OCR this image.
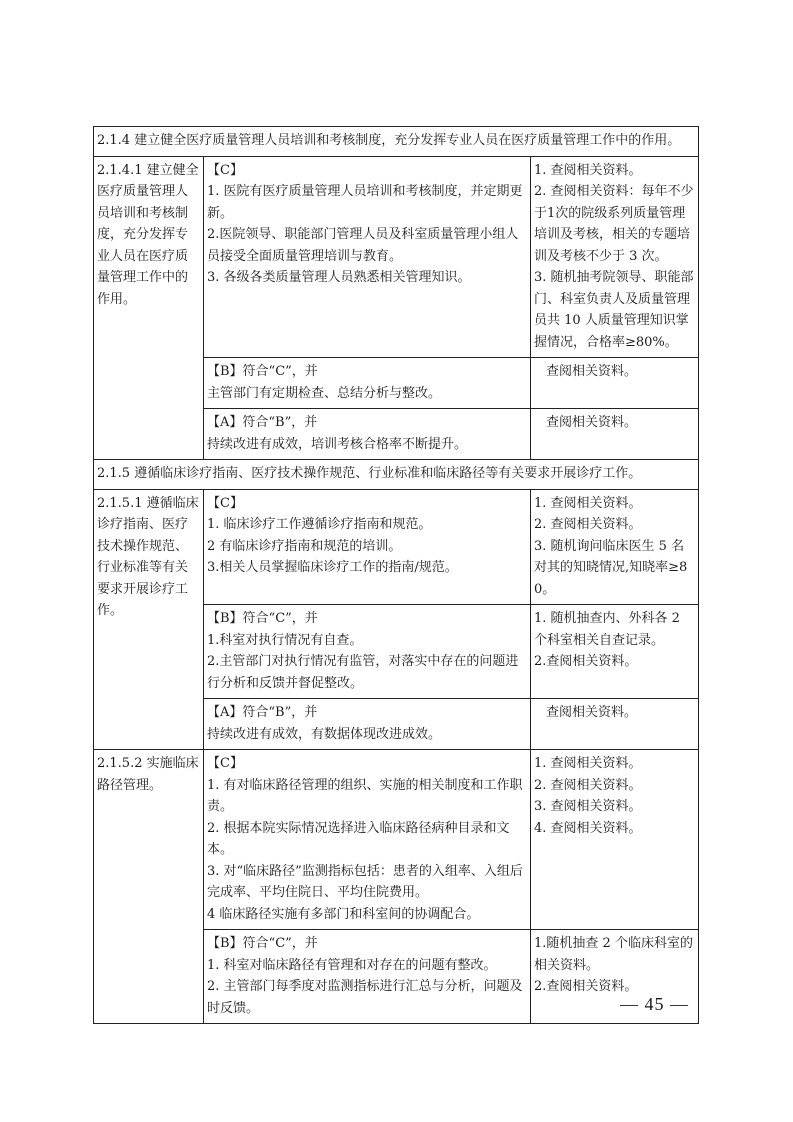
2.1.4 建立健全医疗质量管理人员培训和考核制度，充分发挥专业人员在医疗质量管理工作中的作用。		
2.1.4.1 建立健全医疗质量管理人员培训和考核制度，充分发挥专业人员在医疗质量管理工作中的作用。	【C】
1. 医院有医疗质量管理人员培训和考核制度，并定期更新。
2.医院领导、职能部门管理人员及科室质量管理小组人员接受全面质量管理培训与教育。
3. 各级各类质量管理人员熟悉相关管理知识。	1. 查阅相关资料。
2. 查阅相关资料：每年不少于1次的院级系列质量管理培训及考核，相关的专题培训及考核不少于 3 次。
3. 随机抽考院领导、职能部门、科室负责人及质量管理员共 10 人质量管理知识掌握情况，合格率≥80%。

	【B】符合“C”，并
主管部门有定期检查、总结分析与整改。	查阅相关资料。

	【A】符合“B”，并
持续改进有成效，培训考核合格率不断提升。	查阅相关资料。

2.1.5 遵循临床诊疗指南、医疗技术操作规范、行业标准和临床路径等有关要求开展诊疗工作。		
2.1.5.1 遵循临床诊疗指南、医疗技术操作规范、行业标准等有关要求开展诊疗工作。	【C】
1. 临床诊疗工作遵循诊疗指南和规范。
2 有临床诊疗指南和规范的培训。
3.相关人员掌握临床诊疗工作的指南/规范。	1. 查阅相关资料。
2. 查阅相关资料。
3. 随机询问临床医生 5 名对其的知晓情况,知晓率≥80。

	【B】符合“C”，并
1.科室对执行情况有自查。
2.主管部门对执行情况有监管，对落实中存在的问题进行分析和反馈并督促整改。	1. 随机抽查内、外科各 2 个科室相关自查记录。
2.查阅相关资料。

	【A】符合“B”，并
持续改进有成效，有数据体现改进成效。	查阅相关资料。

2.1.5.2 实施临床路径管理。	【C】
1. 有对临床路径管理的组织、实施的相关制度和工作职责。
2. 根据本院实际情况选择进入临床路径病种目录和文本。
3. 对“临床路径”监测指标包括：患者的入组率、入组后完成率、平均住院日、平均住院费用。
4 临床路径实施有多部门和科室间的协调配合。	1. 查阅相关资料。
2. 查阅相关资料。
3. 查阅相关资料。
4. 查阅相关资料。

	【B】符合“C”，并
1. 科室对临床路径有管理和对存在的问题有整改。
2. 主管部门每季度对监测指标进行汇总与分析，问题及时反馈。	1.随机抽查 2 个临床科室的相关资料。
2.查阅相关资料。
— 45 —
